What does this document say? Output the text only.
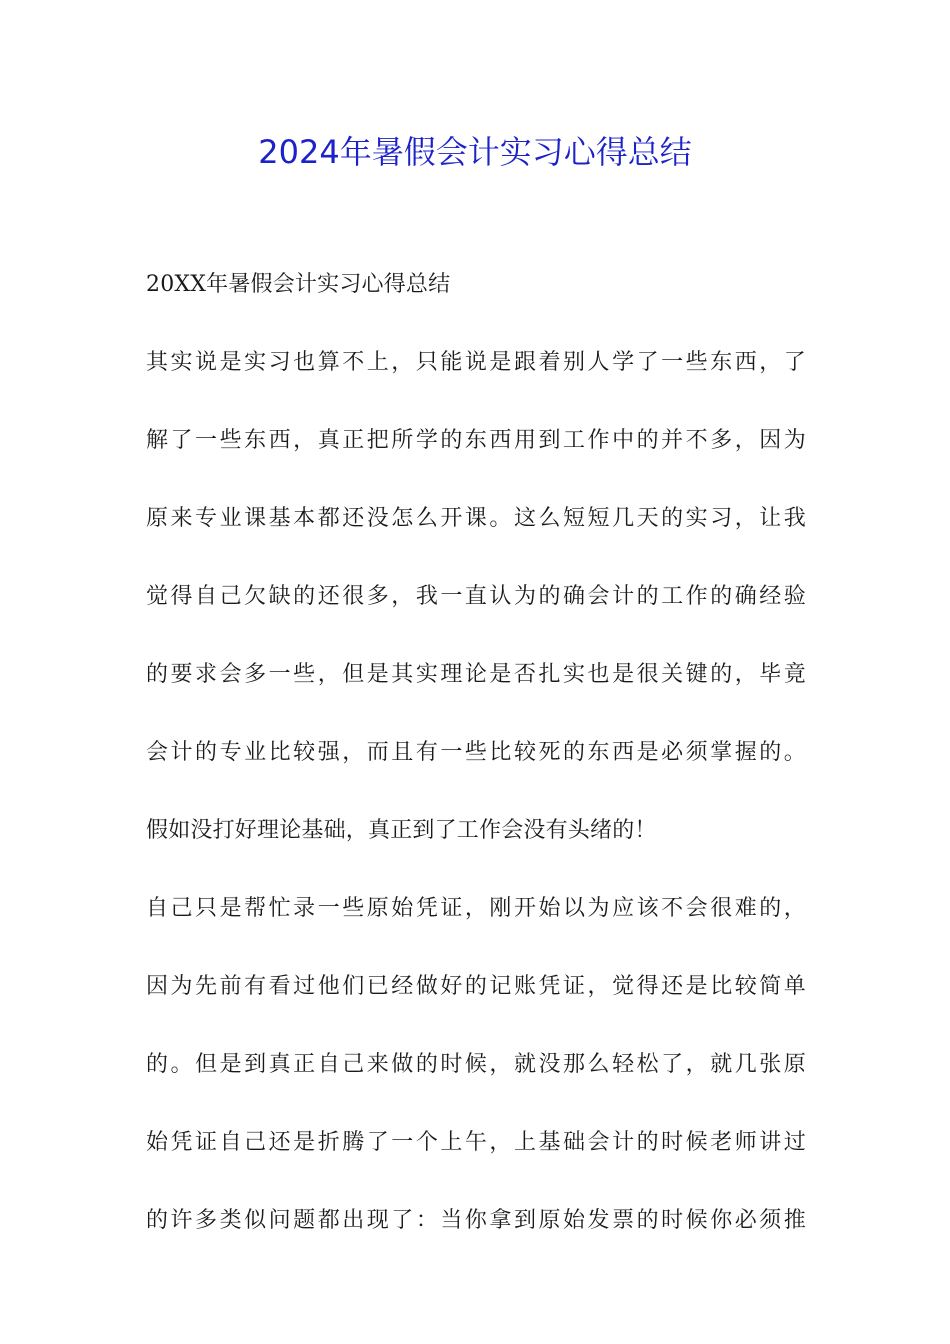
2024年暑假会计实习心得总结

20XX年暑假会计实习心得总结

其实说是实习也算不上，只能说是跟着别人学了一些东西，了

解了一些东西，真正把所学的东西用到工作中的并不多，因为

原来专业课基本都还没怎么开课。这么短短几天的实习，让我

觉得自己欠缺的还很多，我一直认为的确会计的工作的确经验

的要求会多一些，但是其实理论是否扎实也是很关键的，毕竟

会计的专业比较强，而且有一些比较死的东西是必须掌握的。

假如没打好理论基础，真正到了工作会没有头绪的！

自己只是帮忙录一些原始凭证，刚开始以为应该不会很难的，

因为先前有看过他们已经做好的记账凭证，觉得还是比较简单

的。但是到真正自己来做的时候，就没那么轻松了，就几张原

始凭证自己还是折腾了一个上午，上基础会计的时候老师讲过

的许多类似问题都出现了：当你拿到原始发票的时候你必须推
